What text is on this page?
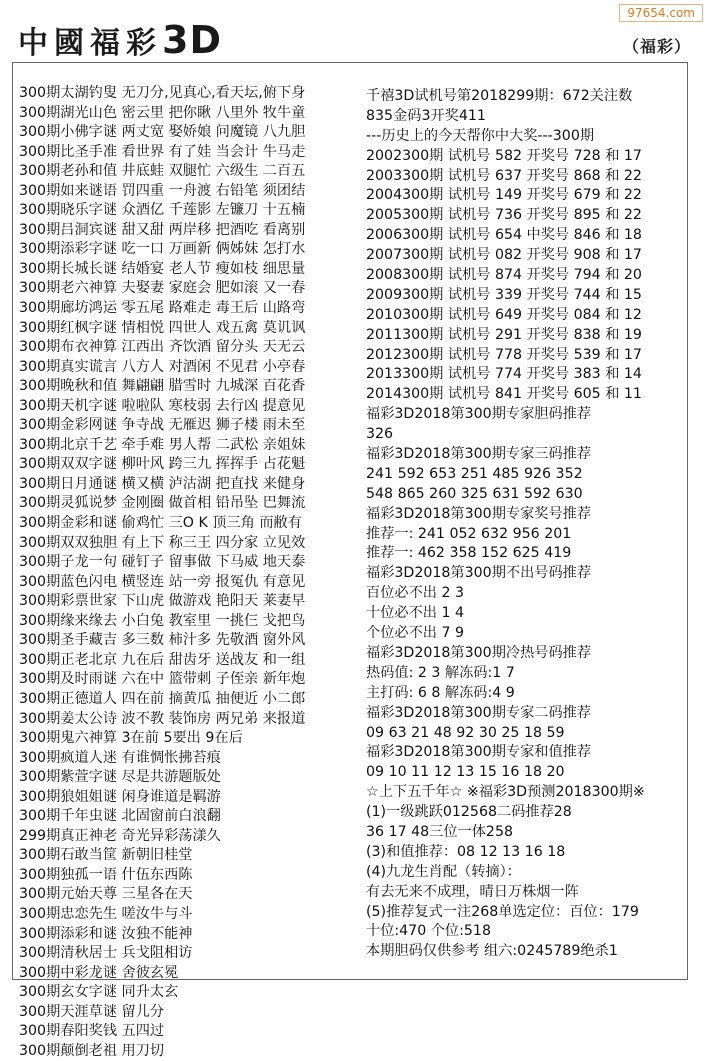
中國福彩3D
97654.com
（福彩）
300期太湖钓叟 无刀分,见真心,看天坛,俯下身
300期湖光山色 密云里 把你瞅 八里外 牧牛童
300期小佛字谜 两丈宽 娶娇娘 问魔镜 八九胆
300期比圣手准 看世界 有了娃 当会计 牛马走
300期老孙和值 井底蛙 双腿忙 六级生 二百五
300期如来谜语 罚四重 一舟渡 右铅笔 须团结
300期晓乐字谜 众酒亿 千莲影 左镰刀 十五楠
300期吕洞宾谜 甜又甜 两岸移 把酒吃 看离别
300期添彩字谜 吃一口 万画新 俩姊妹 怎打水
300期长城长谜 结婚宴 老人节 瘦如枝 细思量
300期老六神算 夫娶妻 家庭会 肥如滚 又一春
300期廊坊鸿运 零五尾 路难走 毒王后 山路弯
300期红枫字谜 情相悦 四世人 戏五禽 莫讥讽
300期布衣神算 江西出 齐饮酒 留分头 天无云
300期真实谎言 八方人 对酒闲 不见君 小亭春
300期晚秋和值 舞翩翩 腊雪时 九城深 百花香
300期天机字谜 啦啦队 寒枝弱 去行凶 提意见
300期金彩网谜 争寺战 无雁迟 狮子楼 雨未至
300期北京千艺 牵手难 男人帮 二武松 亲姐妹
300期双双字谜 柳叶风 跨三九 挥挥手 占花魁
300期日月通谜 横又横 泸沽湖 把直找 来健身
300期灵狐说梦 金刚圈 做首相 铅吊坠 巴舞流
300期金彩和谜 偷鸡忙 三O K 顶三角 而敝有
300期双双独胆 有上下 称三王 四分家 立见效
300期子龙一句 碰钉子 留事做 下马威 地天泰
300期蓝色闪电 横竖连 站一旁 报冤仇 有意见
300期彩票世家 下山虎 做游戏 艳阳天 莱妻早
300期缘来缘去 小白兔 教室里 一挑仨 戈把鸟
300期圣手藏吉 多三数 柿汁多 先敬酒 窗外风
300期正老北京 九在后 甜齿牙 送战友 和一组
300期及时雨谜 六在中 篮带刺 子侄亲 新年炮
300期正德道人 四在前 摘黄瓜 抽便近 小二郎
300期姜太公诗 波不教 装饰房 两兄弟 来报道
300期鬼六神算 3在前 5要出 9在后
300期疯道人迷 有谁惆怅拂苔痕
300期紫萱字谜 尽是共游题版处
300期狼姐姐谜 闲身谁道是羁游
300期千年虫谜 北固窗前白浪翻
299期真正神老 奇光异彩荡漾久
300期石敢当筐 新朝旧桂堂
300期独孤一语 什伍东西陈
300期元始天尊 三星各在天
300期忠恋先生 嗟汝牛与斗
300期添彩和谜 汝独不能神
300期清秋居士 兵戈阻相访
300期中彩龙谜 舍彼玄冕
300期玄女字谜 同升太玄
300期天涯草谜 留儿分
300期春阳奖钱 五四过
300期颠倒老祖 用刀切
千禧3D试机号第2018299期：672关注数
835金码3开奖411
---历史上的今天帮你中大奖---300期
2002300期 试机号 582 开奖号 728 和 17
2003300期 试机号 637 开奖号 868 和 22
2004300期 试机号 149 开奖号 679 和 22
2005300期 试机号 736 开奖号 895 和 22
2006300期 试机号 654 中奖号 846 和 18
2007300期 试机号 082 开奖号 908 和 17
2008300期 试机号 874 开奖号 794 和 20
2009300期 试机号 339 开奖号 744 和 15
2010300期 试机号 649 开奖号 084 和 12
2011300期 试机号 291 开奖号 838 和 19
2012300期 试机号 778 开奖号 539 和 17
2013300期 试机号 774 开奖号 383 和 14
2014300期 试机号 841 开奖号 605 和 11
福彩3D2018第300期专家胆码推荐
326
福彩3D2018第300期专家三码推荐
241 592 653 251 485 926 352
548 865 260 325 631 592 630
福彩3D2018第300期专家奖号推荐
推荐一: 241 052 632 956 201
推荐一: 462 358 152 625 419
福彩3D2018第300期不出号码推荐
百位必不出 2 3
十位必不出 1 4
个位必不出 7 9
福彩3D2018第300期冷热号码推荐
热码值: 2 3 解冻码:1 7
主打码: 6 8 解冻码:4 9
福彩3D2018第300期专家二码推荐
09 63 21 48 92 30 25 18 59
福彩3D2018第300期专家和值推荐
09 10 11 12 13 15 16 18 20
☆上下五千年☆ ※福彩3D预测2018300期※
(1)一级跳跃012568二码推荐28
36 17 48三位一体258
(3)和值推荐：08 12 13 16 18
(4)九龙生肖配（转摘）：
有去无来不成理，晴日万株烟一阵
(5)推荐复式一注268单选定位：百位：179
十位:470 个位:518
本期胆码仅供参考 组六:0245789绝杀1
